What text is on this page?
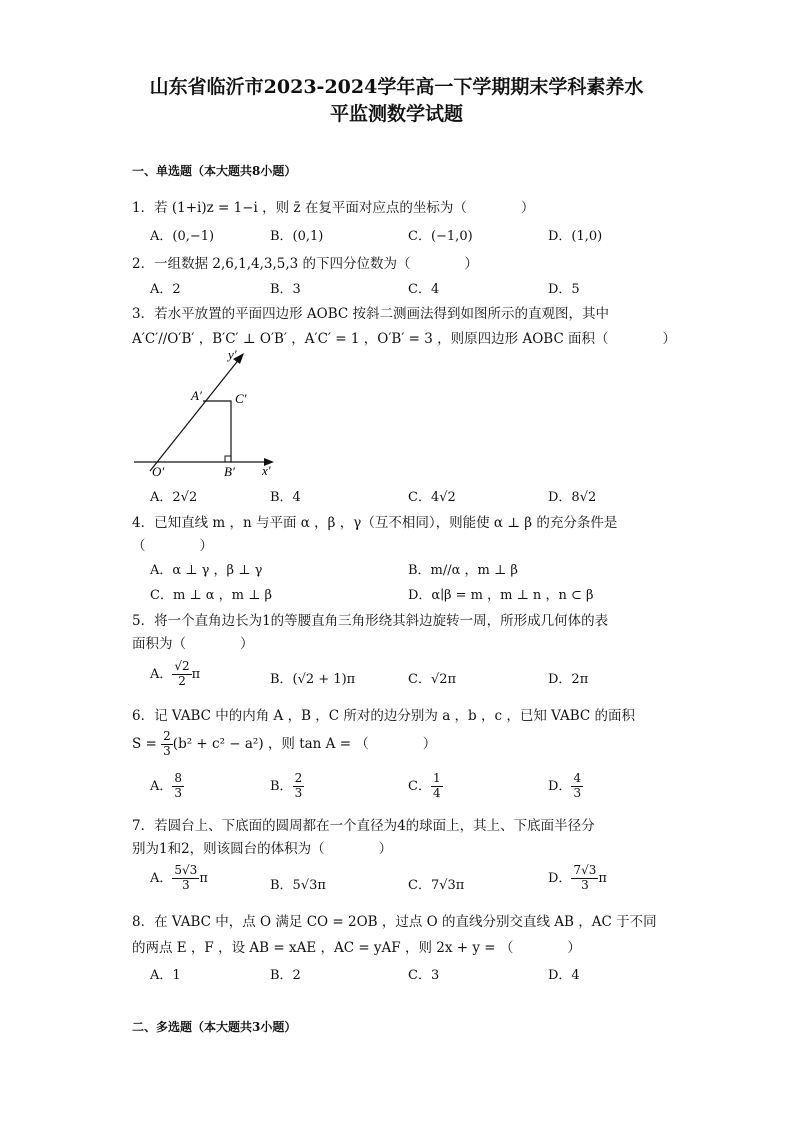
山东省临沂市2023-2024学年高一下学期期末学科素养水
平监测数学试题
一、单选题（本大题共8小题）
1．若 (1+i)z = 1−i ，则 z̄ 在复平面对应点的坐标为（　　　　）
A．(0,−1)	B．(0,1)	C．(−1,0)	D．(1,0)
2．一组数据 2,6,1,4,3,5,3 的下四分位数为（　　　　）
A．2	B．3	C．4	D．5
3．若水平放置的平面四边形 AOBC 按斜二测画法得到如图所示的直观图，其中
A′C′//O′B′ ，B′C′ ⊥ O′B′ ，A′C′ = 1 ，O′B′ = 3 ，则原四边形 AOBC 面积（　　　　）
y′
x′
A′	C′
O′	B′
A．2√2	B．4	C．4√2	D．8√2
4．已知直线 m ，n 与平面 α ，β ，γ（互不相同），则能使 α ⊥ β 的充分条件是
（　　　　）
A．α ⊥ γ ，β ⊥ γ	B．m//α ，m ⊥ β
C．m ⊥ α ，m ⊥ β	D．α∣β = m ，m ⊥ n ，n ⊂ β
5．将一个直角边长为1的等腰直角三角形绕其斜边旋转一周，所形成几何体的表
面积为（　　　　）
A． $\frac{√2}{2}$ π	B．(√2 + 1)π	C．√2π	D．2π
6．记 VABC 中的内角 A ，B ，C 所对的边分别为 a ，b ，c ，已知 VABC 的面积
$S = \frac{2}{3} (b^2 + c^2 - a^2)$ ，则 tan A = （　　　　）
A． $\frac{8}{3}$	B． $\frac{2}{3}$	C． $\frac{1}{4}$	D． $\frac{4}{3}$
7．若圆台上、下底面的圆周都在一个直径为4的球面上，其上、下底面半径分
别为1和2，则该圆台的体积为（　　　　）
A． $\frac{5√3}{3}$ π	B．5√3π	C．7√3π	D． $\frac{7√3}{3}$ π
8．在 VABC 中，点 O 满足 CO = 2OB ，过点 O 的直线分别交直线 AB ，AC 于不同
的两点 E ，F ，设 AB = xAE ，AC = yAF ，则 2x + y = （　　　　）
A．1	B．2	C．3	D．4
二、多选题（本大题共3小题）
